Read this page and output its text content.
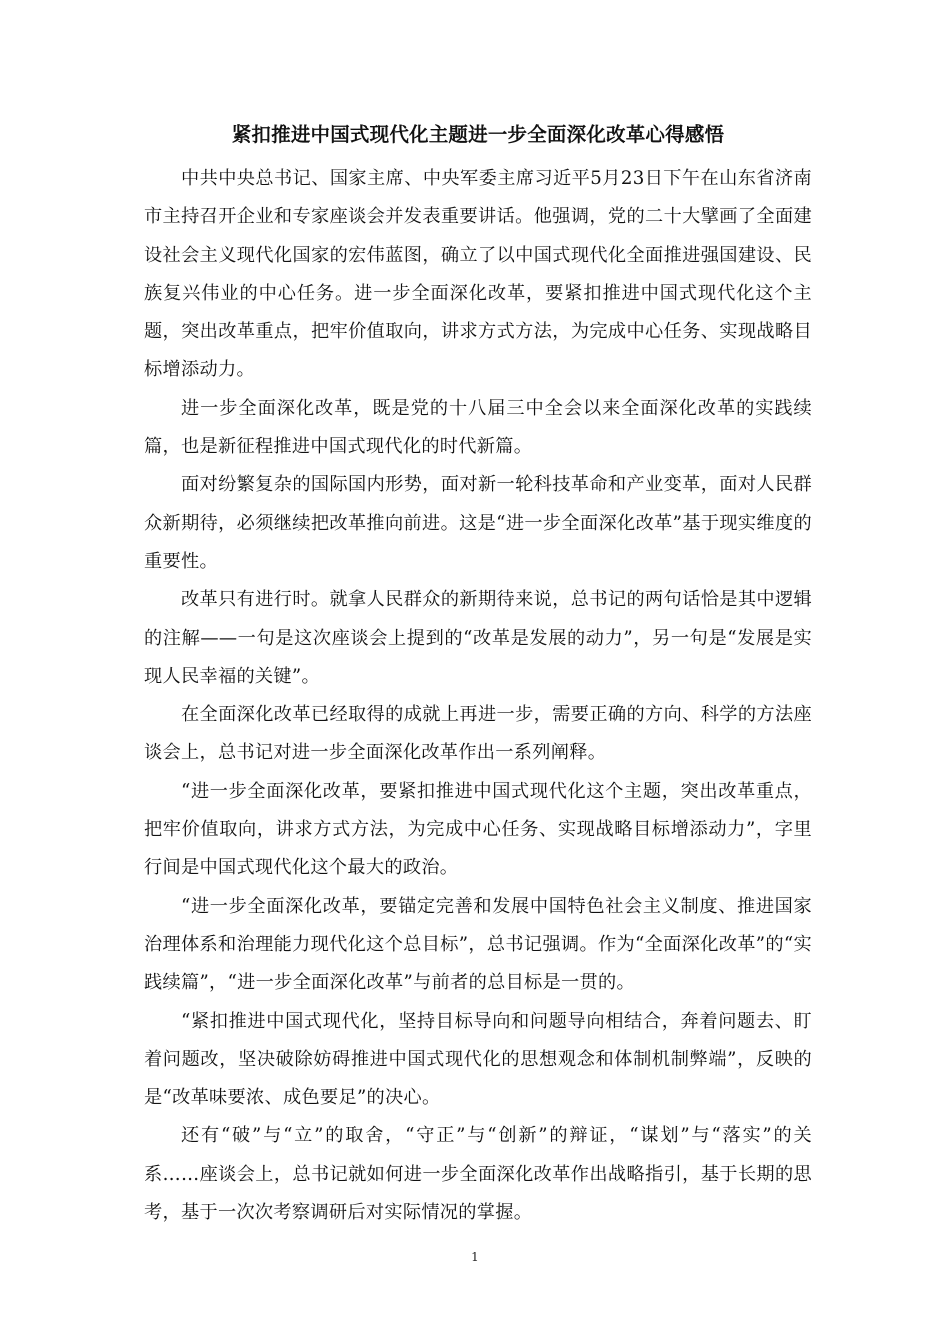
紧扣推进中国式现代化主题进一步全面深化改革心得感悟

中共中央总书记、国家主席、中央军委主席习近平5月23日下午在山东省济南市主持召开企业和专家座谈会并发表重要讲话。他强调，党的二十大擘画了全面建设社会主义现代化国家的宏伟蓝图，确立了以中国式现代化全面推进强国建设、民族复兴伟业的中心任务。进一步全面深化改革，要紧扣推进中国式现代化这个主题，突出改革重点，把牢价值取向，讲求方式方法，为完成中心任务、实现战略目标增添动力。

进一步全面深化改革，既是党的十八届三中全会以来全面深化改革的实践续篇，也是新征程推进中国式现代化的时代新篇。

面对纷繁复杂的国际国内形势，面对新一轮科技革命和产业变革，面对人民群众新期待，必须继续把改革推向前进。这是“进一步全面深化改革”基于现实维度的重要性。

改革只有进行时。就拿人民群众的新期待来说，总书记的两句话恰是其中逻辑的注解——一句是这次座谈会上提到的“改革是发展的动力”，另一句是“发展是实现人民幸福的关键”。

在全面深化改革已经取得的成就上再进一步，需要正确的方向、科学的方法座谈会上，总书记对进一步全面深化改革作出一系列阐释。

“进一步全面深化改革，要紧扣推进中国式现代化这个主题，突出改革重点，把牢价值取向，讲求方式方法，为完成中心任务、实现战略目标增添动力”，字里行间是中国式现代化这个最大的政治。

“进一步全面深化改革，要锚定完善和发展中国特色社会主义制度、推进国家治理体系和治理能力现代化这个总目标”，总书记强调。作为“全面深化改革”的“实践续篇”，“进一步全面深化改革”与前者的总目标是一贯的。

“紧扣推进中国式现代化，坚持目标导向和问题导向相结合，奔着问题去、盯着问题改，坚决破除妨碍推进中国式现代化的思想观念和体制机制弊端”，反映的是“改革味要浓、成色要足”的决心。

还有“破”与“立”的取舍，“守正”与“创新”的辩证，“谋划”与“落实”的关系……座谈会上，总书记就如何进一步全面深化改革作出战略指引，基于长期的思考，基于一次次考察调研后对实际情况的掌握。

1
